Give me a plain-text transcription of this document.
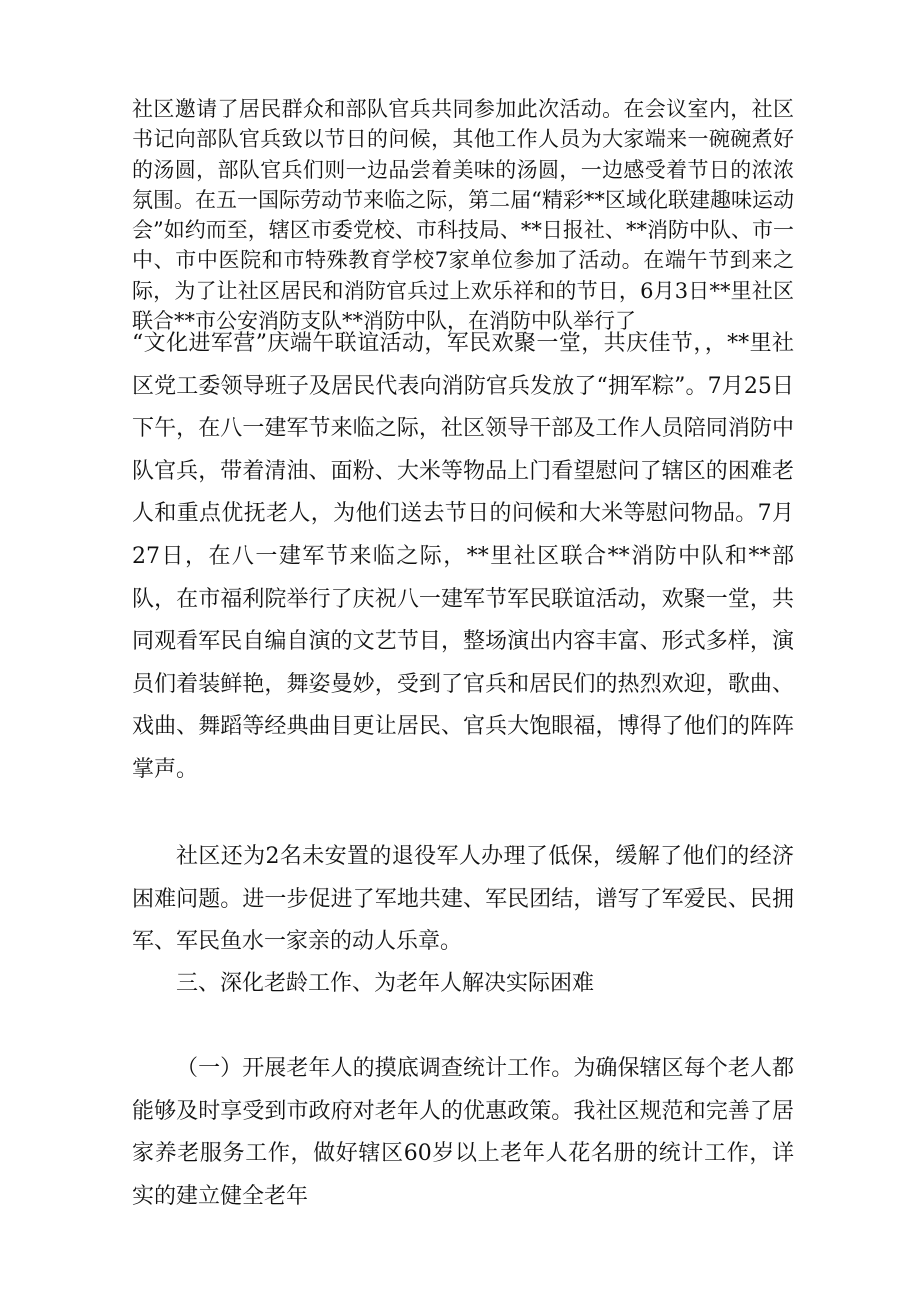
社区邀请了居民群众和部队官兵共同参加此次活动。在会议室内，社区书记向部队官兵致以节日的问候，其他工作人员为大家端来一碗碗煮好的汤圆，部队官兵们则一边品尝着美味的汤圆，一边感受着节日的浓浓氛围。在五一国际劳动节来临之际，第二届“精彩**区域化联建趣味运动会”如约而至，辖区市委党校、市科技局、**日报社、**消防中队、市一中、市中医院和市特殊教育学校7家单位参加了活动。在端午节到来之际，为了让社区居民和消防官兵过上欢乐祥和的节日，6月3日**里社区联合**市公安消防支队**消防中队，在消防中队举行了

“文化进军营”庆端午联谊活动，军民欢聚一堂，共庆佳节，，**里社区党工委领导班子及居民代表向消防官兵发放了“拥军粽”。7月25日下午，在八一建军节来临之际，社区领导干部及工作人员陪同消防中队官兵，带着清油、面粉、大米等物品上门看望慰问了辖区的困难老人和重点优抚老人，为他们送去节日的问候和大米等慰问物品。7月27日，在八一建军节来临之际，**里社区联合**消防中队和**部队，在市福利院举行了庆祝八一建军节军民联谊活动，欢聚一堂，共同观看军民自编自演的文艺节目，整场演出内容丰富、形式多样，演员们着装鲜艳，舞姿曼妙，受到了官兵和居民们的热烈欢迎，歌曲、戏曲、舞蹈等经典曲目更让居民、官兵大饱眼福，博得了他们的阵阵掌声。

社区还为2名未安置的退役军人办理了低保，缓解了他们的经济困难问题。进一步促进了军地共建、军民团结，谱写了军爱民、民拥军、军民鱼水一家亲的动人乐章。

三、深化老龄工作、为老年人解决实际困难

（一）开展老年人的摸底调查统计工作。为确保辖区每个老人都能够及时享受到市政府对老年人的优惠政策。我社区规范和完善了居家养老服务工作，做好辖区60岁以上老年人花名册的统计工作，详实的建立健全老年
